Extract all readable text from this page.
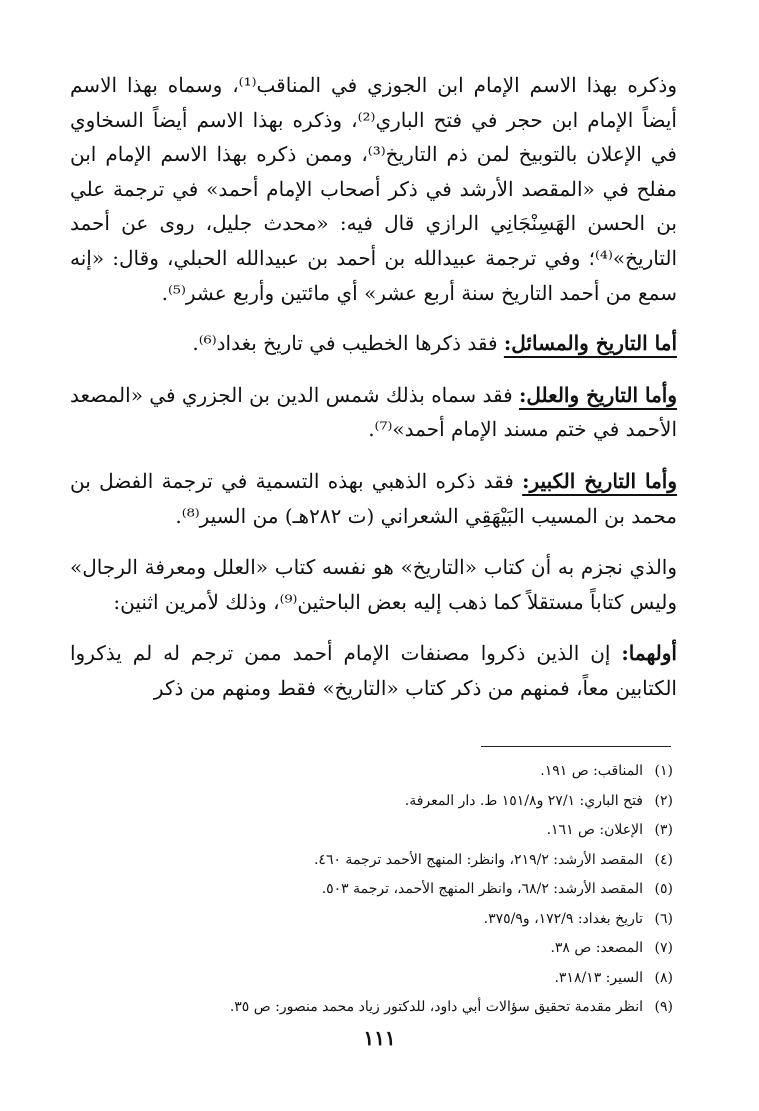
وذكره بهذا الاسم الإمام ابن الجوزي في المناقب⁽¹⁾، وسماه بهذا الاسم أيضاً الإمام ابن حجر في فتح الباري⁽²⁾، وذكره بهذا الاسم أيضاً السخاوي في الإعلان بالتوبيخ لمن ذم التاريخ⁽³⁾، وممن ذكره بهذا الاسم الإمام ابن مفلح في «المقصد الأرشد في ذكر أصحاب الإمام أحمد» في ترجمة علي بن الحسن الهَسِنْجَانِي الرازي قال فيه: «محدث جليل، روى عن أحمد التاريخ»⁽⁴⁾؛ وفي ترجمة عبيدالله بن أحمد بن عبيدالله الحبلي، وقال: «إنه سمع من أحمد التاريخ سنة أربع عشر» أي مائتين وأربع عشر⁽⁵⁾.

أما التاريخ والمسائل: فقد ذكرها الخطيب في تاريخ بغداد⁽⁶⁾.

وأما التاريخ والعلل: فقد سماه بذلك شمس الدين بن الجزري في «المصعد الأحمد في ختم مسند الإمام أحمد»⁽⁷⁾.

وأما التاريخ الكبير: فقد ذكره الذهبي بهذه التسمية في ترجمة الفضل بن محمد بن المسيب البَيْهَقِي الشعراني (ت ٢٨٢هـ) من السير⁽⁸⁾.

والذي نجزم به أن كتاب «التاريخ» هو نفسه كتاب «العلل ومعرفة الرجال» وليس كتاباً مستقلاً كما ذهب إليه بعض الباحثين⁽⁹⁾، وذلك لأمرين اثنين:

أولهما: إن الذين ذكروا مصنفات الإمام أحمد ممن ترجم له لم يذكروا الكتابين معاً، فمنهم من ذكر كتاب «التاريخ» فقط ومنهم من ذكر

(١)
المناقب: ص ١٩١.
(٢)
فتح الباري: ٢٧/١ و١٥١/٨ ط. دار المعرفة.
(٣)
الإعلان: ص ١٦١.
(٤)
المقصد الأرشد: ٢١٩/٢، وانظر: المنهج الأحمد ترجمة ٤٦٠.
(٥)
المقصد الأرشد: ٦٨/٢، وانظر المنهج الأحمد، ترجمة ٥٠٣.
(٦)
تاريخ بغداد: ١٧٢/٩، و٣٧٥/٩.
(٧)
المصعد: ص ٣٨.
(٨)
السير: ٣١٨/١٣.
(٩)
انظر مقدمة تحقيق سؤالات أبي داود، للدكتور زياد محمد منصور: ص ٣٥.
١١١
